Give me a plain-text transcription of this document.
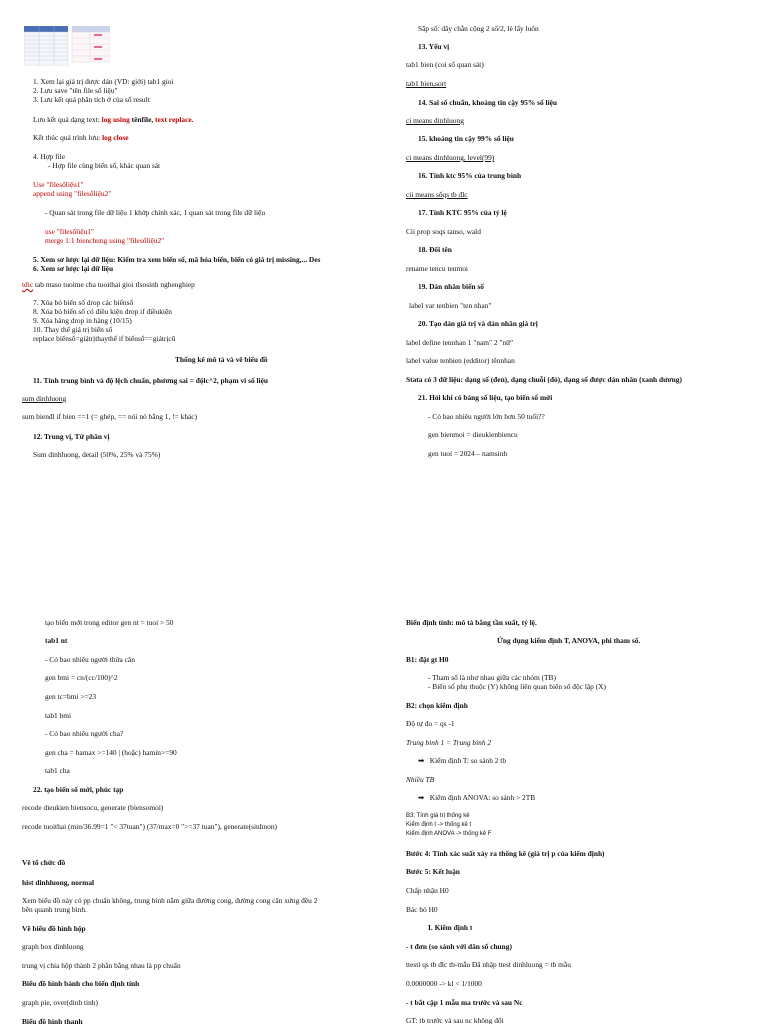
1. Xem lại giá trị được dán (VD: giới) tab1 gioi
2. Lưu save "tên file số liệu"
3. Lưu kết quả phân tích ở của số result
Lưu kết quả dạng text: log using tênfile, text replace.
Kết thúc quá trình lưu: log close
4. Hợp file
- Hợp file cùng biến số, khác quan sát
Use "filesốliệu1"
append using "filesốliệu2"
- Quan sát trong file dữ liệu 1 khớp chính xác, 1 quan sát trong file dữ liệu
use "filesốliệu1"
merge 1:1 bienchung using "filesốliệu2"
5. Xem sơ lược lại dữ liệu: Kiểm tra xem biến số, mã hóa biến, biến có giá trị missing,... Des
6. Xem sơ lược lại dữ liệu
tdic tab maso tuoime cha tuoithai gioi tlsosinh nghenghiep
7. Xóa bỏ biến số drop các biếnsố
8. Xóa bỏ biến số có điều kiện drop if điềukiện
9. Xóa hàng drop in hàng (10/15)
10. Thay thế giá trị biến số
replace biếnsố=giátrịthaythế if biếnsố==giátrịcũ
Thống kê mô tả và vẽ biểu đồ
11. Tính trung bình và độ lệch chuẩn, phương sai = độlc^2, phạm vi số liệu
sum dinhluong
sum bienđl if bien ==1 (= ghép, == nói nó bằng 1, != khác)
12. Trung vị, Tứ phân vị
Sum dinhluong, detail (50%, 25% và 75%)
Sắp số: dãy chẵn cộng 2 số/2, lẻ lấy luôn
13. Yếu vị
tab1 bien (coi số quan sát)
tab1 bien,sort
14. Sai số chuẩn, khoảng tin cậy 95% số liệu
ci means dinhluong
15. khoảng tin cậy 99% số liệu
ci means dinhluong, level(99)
16. Tính ktc 95% của trung bình
cii means sốqs tb đlc
17. Tính KTC 95% của tỷ lệ
Cii prop soqs tanso, wald
18. Đổi tên
rename tencu tenmoi
19. Dán nhãn biến số
label var tenbien "ten nhan"
20. Tạo dán giá trị và dán nhãn giá trị
label define tennhan 1 "nam" 2 "nữ"
label value tenbien (edditor) tênnhan
Stata có 3 dữ liệu: dạng số (đen), dạng chuỗi (đỏ), dạng số được dán nhãn (xanh dương)
21. Hỏi khi có bảng số liệu, tạo biến số mới
- Có bao nhiêu người lớn hơn 50 tuổi??
gen bienmoi = dieukienbiencu
gen tuoi = 2024 – namsinh
tạo biến mới trong editor gen nt = tuoi > 50
tab1 nt
- Có bao nhiêu người thừa cân
gen bmi = cn/(cc/100)^2
gen tc=bmi >=23
tab1 bmi
- Có bao nhiêu người cha?
gen cha = hamax >=140 | (hoặc) hamin>=90
tab1 cha
22. tạo biến số mới, phúc tạp
recode dieukien biensocu, generate (biensomoi)
recode tuoithai (min/36.99=1 "< 37tuan") (37/max=0 ">=37 tuan"), generate(sinhnon)
Vẽ tổ chức đồ
hist dinhluong, normal
Xem biểu đồ này có pp chuẩn không, trung bình nằm giữa đường cong, đường cong cân xứng đều 2
bên quanh trung bình.
Vẽ biểu đồ hình hộp
graph box dinhluong
trung vị chia hộp thành 2 phần bằng nhau là pp chuẩn
Biểu đồ hình bánh cho biến định tính
graph pie, over(dinh tinh)
Biểu đồ hình thanh
Biến định tính: mô tả bằng tần suất, tỷ lệ.
Ứng dụng kiểm định T, ANOVA, phi tham số.
B1: đặt gt H0
- Tham số là như nhau giữa các nhóm (TB)
- Biến số phụ thuộc (Y) không liên quan biến số độc lập (X)
B2: chọn kiểm định
Độ tự do = qs -1
Trung bình 1 = Trung bình 2
➡ Kiểm định T: so sánh 2 tb
Nhiều TB
➡ Kiểm định ANOVA: so sánh > 2TB
B3: Tính giá trị thống kê
Kiểm định t -> thống kê t
Kiểm định ANOVA -> thống kê F
Bước 4: Tính xác suất xảy ra thống kê (giá trị p của kiểm định)
Bước 5: Kết luận
Chấp nhận H0
Bác bỏ H0
I. Kiểm định t
- t đơn (so sánh với dân số chung)
ttesti qs tb đlc tb-mẫu Đã nhập ttest dinhluong = tb mẫu
0.0000000 -> kl < 1/1000
- t bắt cặp 1 mẫu ma trước và sau Nc
GT: tb trước và sau nc không đổi
